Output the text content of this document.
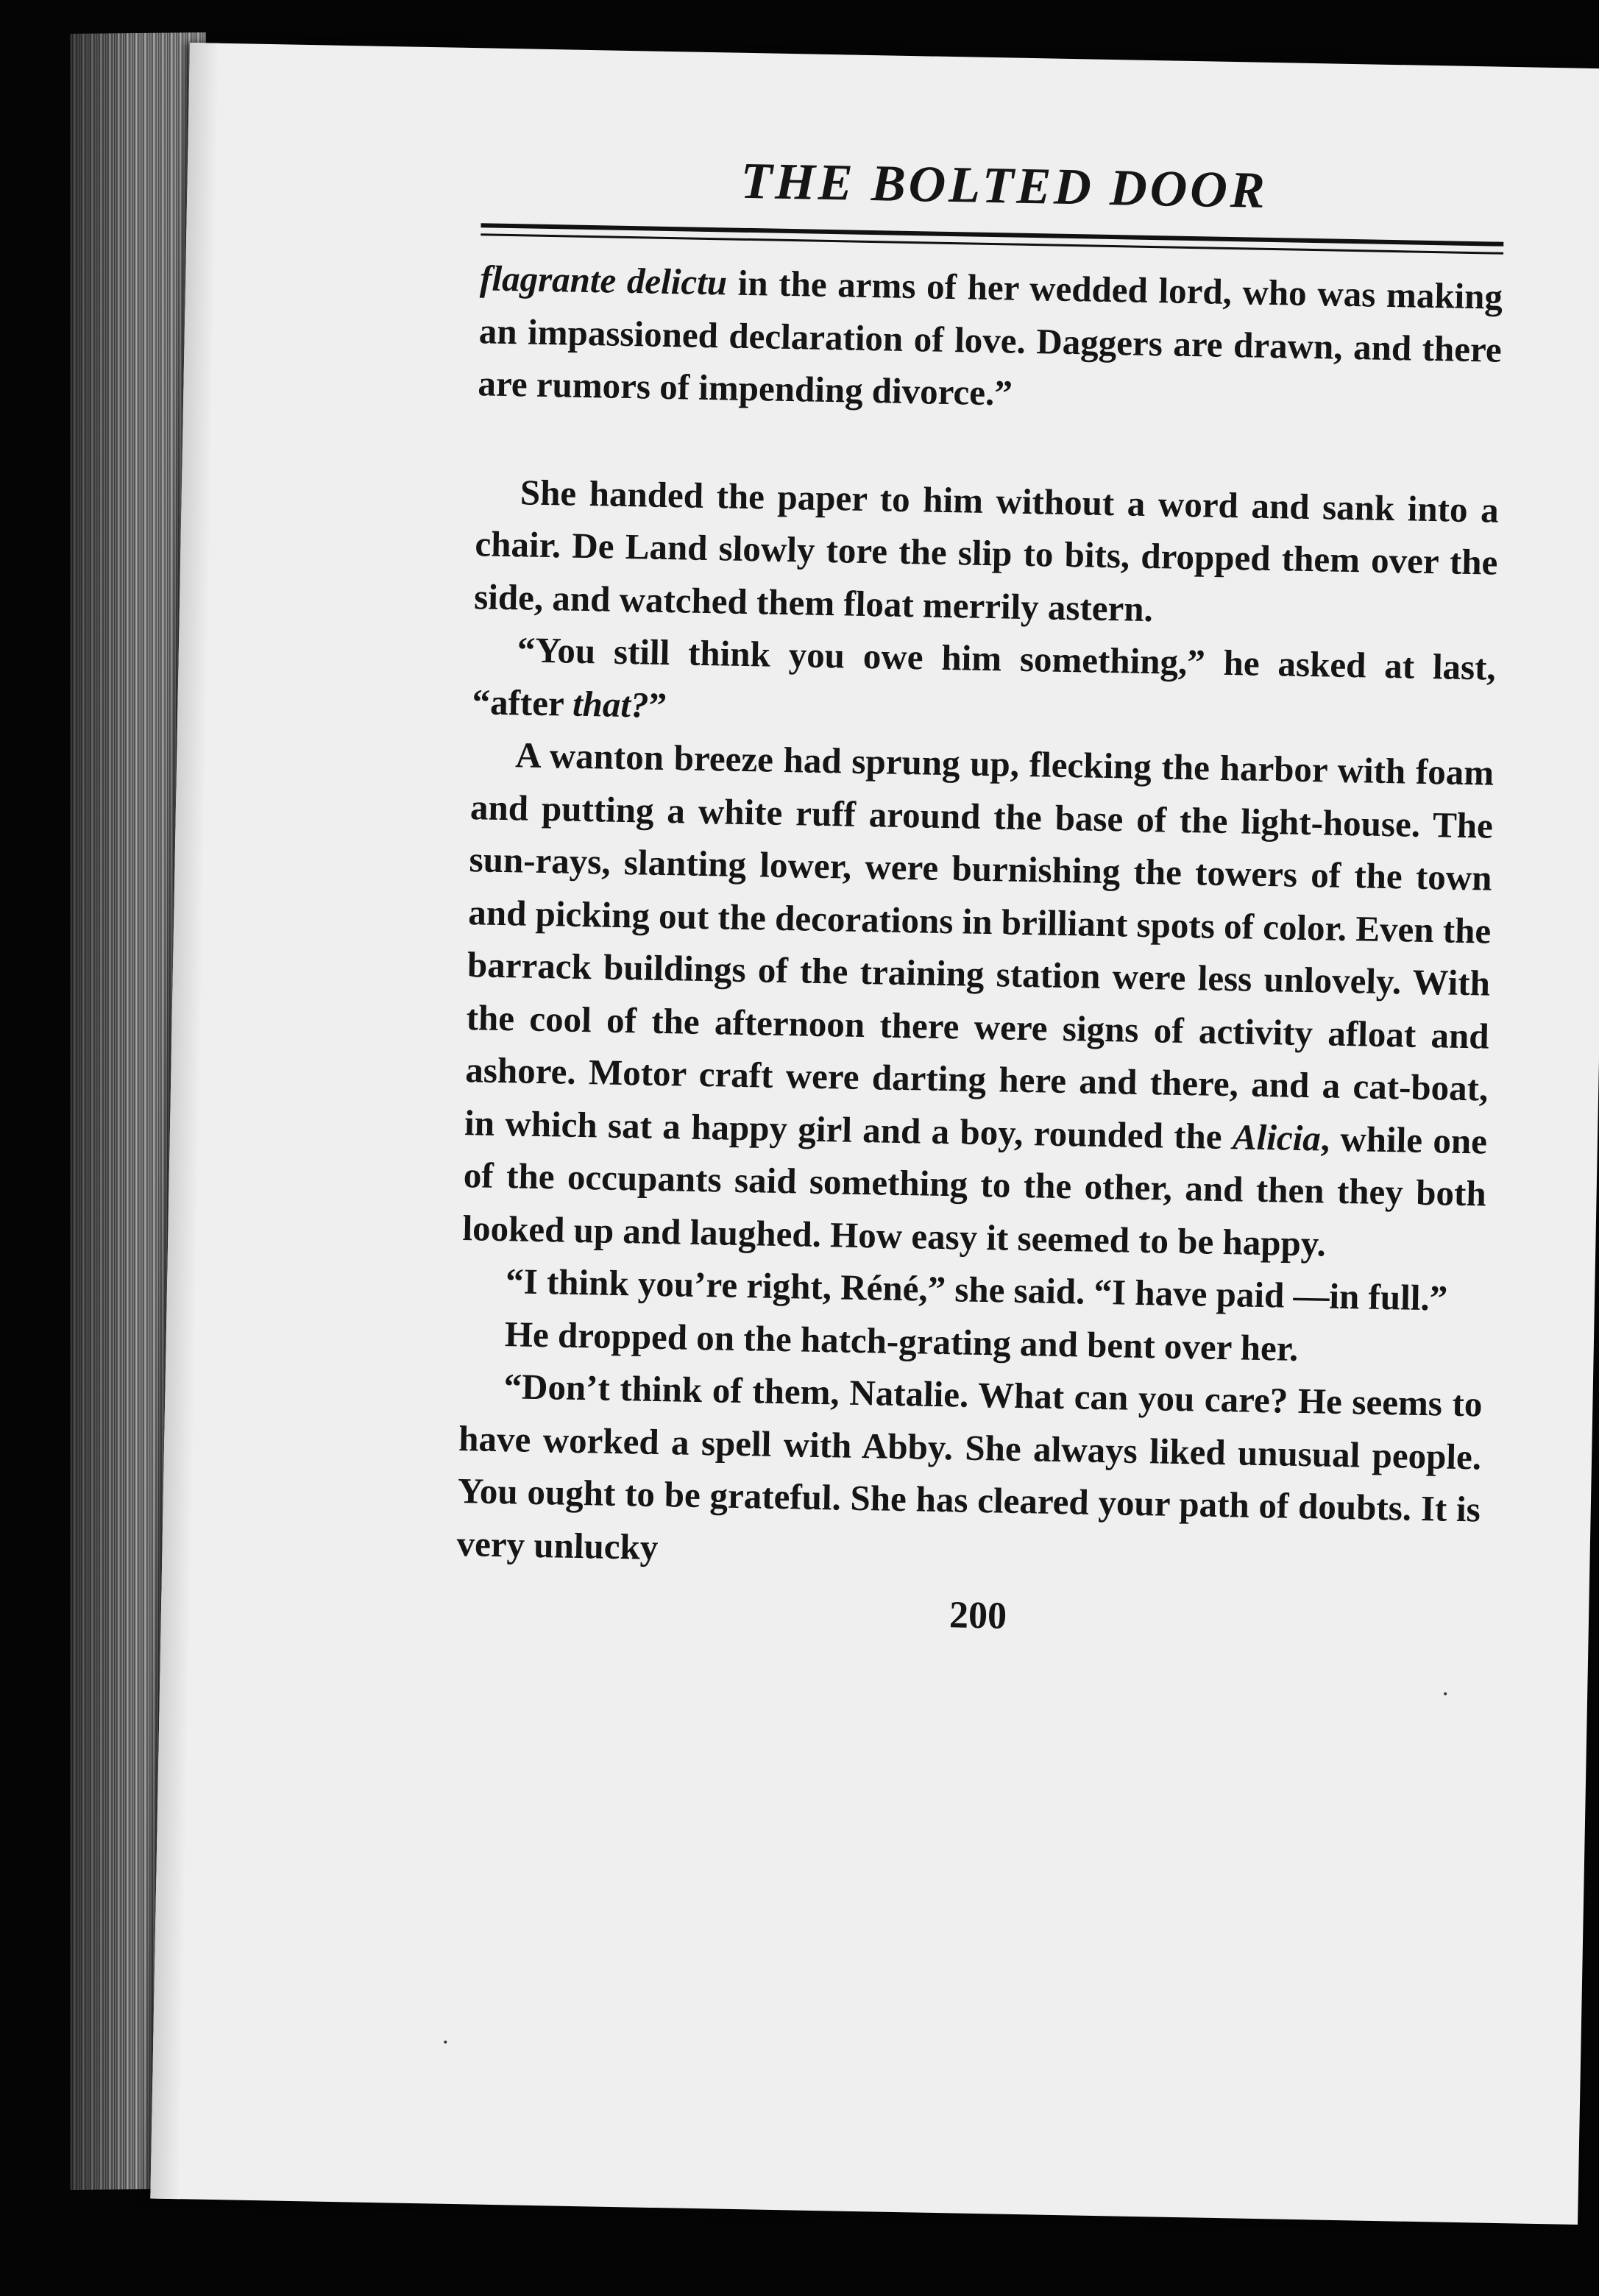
THE BOLTED DOOR

flagrante delictu in the arms of her wedded lord, who was making an impassioned declaration of love. Daggers are drawn, and there are rumors of impending divorce.”

She handed the paper to him without a word and sank into a chair. De Land slowly tore the slip to bits, dropped them over the side, and watched them float merrily astern.

“You still think you owe him something,” he asked at last, “after that?”

A wanton breeze had sprung up, flecking the harbor with foam and putting a white ruff around the base of the light-house. The sun-rays, slanting lower, were burnishing the towers of the town and picking out the decorations in brilliant spots of color. Even the barrack buildings of the training station were less unlovely. With the cool of the afternoon there were signs of activity afloat and ashore. Motor craft were darting here and there, and a cat-boat, in which sat a happy girl and a boy, rounded the Alicia, while one of the occupants said something to the other, and then they both looked up and laughed. How easy it seemed to be happy.

“I think you’re right, Réné,” she said. “I have paid —in full.”

He dropped on the hatch-grating and bent over her.

“Don’t think of them, Natalie. What can you care? He seems to have worked a spell with Abby. She always liked unusual people. You ought to be grateful. She has cleared your path of doubts. It is very unlucky

200
